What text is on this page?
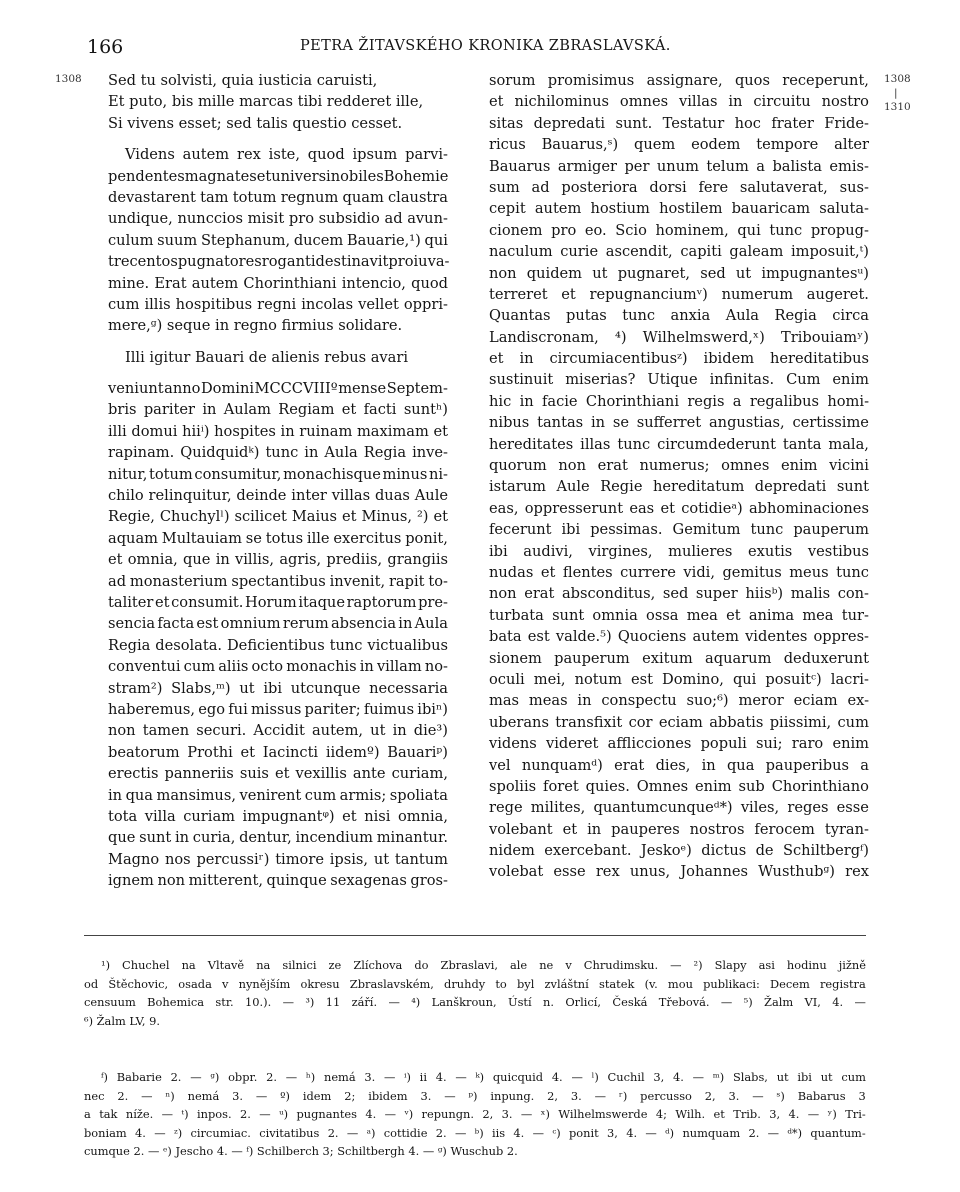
166	PETRA ŽITAVSKÉHO KRONIKA ZBRASLAVSKÁ.
1308	1308
|
1310
Sed tu solvisti, quia iusticia caruisti,
Et puto, bis mille marcas tibi redderet ille,
Si vivens esset; sed talis questio cesset.
Videns autem rex iste, quod ipsum parvi-
pendentes magnates et universi nobiles Bohemie
devastarent tam totum regnum quam claustra
undique, nunccios misit pro subsidio ad avun-
culum suum Stephanum, ducem Bauarie,¹) qui
trecentos pugnatores roganti destinavit pro iuva-
mine. Erat autem Chorinthiani intencio, quod
cum illis hospitibus regni incolas vellet oppri-
mere,ᵍ) seque in regno firmius solidare.
Illi igitur Bauari de alienis rebus avari
veniunt anno Domini MCCCVIIIº mense Septem-
bris pariter in Aulam Regiam et facti suntʰ)
illi domui hiiⁱ) hospites in ruinam maximam et
rapinam. Quidquidᵏ) tunc in Aula Regia inve-
nitur, totum consumitur, monachisque minus ni-
chilo relinquitur, deinde inter villas duas Aule
Regie, Chuchylˡ) scilicet Maius et Minus, ²) et
aquam Multauiam se totus ille exercitus ponit,
et omnia, que in villis, agris, prediis, grangiis
ad monasterium spectantibus invenit, rapit to-
taliter et consumit. Horum itaque raptorum pre-
sencia facta est omnium rerum absencia in Aula
Regia desolata. Deficientibus tunc victualibus
conventui cum aliis octo monachis in villam no-
stram²) Slabs,ᵐ) ut ibi utcunque necessaria
haberemus, ego fui missus pariter; fuimus ibiⁿ)
non tamen securi. Accidit autem, ut in die³)
beatorum Prothi et Iacincti iidemº) Bauariᵖ)
erectis panneriis suis et vexillis ante curiam,
in qua mansimus, venirent cum armis; spoliata
tota villa curiam impugnantᵠ) et nisi omnia,
que sunt in curia, dentur, incendium minantur.
Magno nos percussiʳ) timore ipsis, ut tantum
ignem non mitterent, quinque sexagenas gros-
sorum promisimus assignare, quos receperunt,
et nichilominus omnes villas in circuitu nostro
sitas depredati sunt. Testatur hoc frater Fride-
ricus Bauarus,ˢ) quem eodem tempore alter
Bauarus armiger per unum telum a balista emis-
sum ad posteriora dorsi fere salutaverat, sus-
cepit autem hostium hostilem bauaricam saluta-
cionem pro eo. Scio hominem, qui tunc propug-
naculum curie ascendit, capiti galeam imposuit,ᵗ)
non quidem ut pugnaret, sed ut impugnantesᵘ)
terreret et repugnanciumᵛ) numerum augeret.
Quantas putas tunc anxia Aula Regia circa
Landiscronam, ⁴) Wilhelmswerd,ˣ) Tribouiamʸ)
et in circumiacentibusᶻ) ibidem hereditatibus
sustinuit miserias? Utique infinitas. Cum enim
hic in facie Chorinthiani regis a regalibus homi-
nibus tantas in se sufferret angustias, certissime
hereditates illas tunc circumdederunt tanta mala,
quorum non erat numerus; omnes enim vicini
istarum Aule Regie hereditatum depredati sunt
eas, oppresserunt eas et cotidieᵃ) abhominaciones
fecerunt ibi pessimas. Gemitum tunc pauperum
ibi audivi, virgines, mulieres exutis vestibus
nudas et flentes currere vidi, gemitus meus tunc
non erat absconditus, sed super hiisᵇ) malis con-
turbata sunt omnia ossa mea et anima mea tur-
bata est valde.⁵) Quociens autem videntes oppres-
sionem pauperum exitum aquarum deduxerunt
oculi mei, notum est Domino, qui posuitᶜ) lacri-
mas meas in conspectu suo;⁶) meror eciam ex-
uberans transfixit cor eciam abbatis piissimi, cum
videns videret afflicciones populi sui; raro enim
vel nunquamᵈ) erat dies, in qua pauperibus a
spoliis foret quies. Omnes enim sub Chorinthiano
rege milites, quantumcunqueᵈ*) viles, reges esse
volebant et in pauperes nostros ferocem tyran-
nidem exercebant. Jeskoᵉ) dictus de Schiltbergᶠ)
volebat esse rex unus, Johannes Wusthubᵍ) rex
¹) Chuchel na Vltavě na silnici ze Zlíchova do Zbraslavi, ale ne v Chrudimsku. — ²) Slapy asi hodinu jižně
od Štěchovic, osada v nynějším okresu Zbraslavském, druhdy to byl zvláštní statek (v. mou publikaci: Decem registra
censuum Bohemica str. 10.). — ³) 11 září. — ⁴) Lanškroun, Ústí n. Orlicí, Česká Třebová. — ⁵) Žalm VI, 4. —
⁶) Žalm LV, 9.
ᶠ) Babarie 2. — ᵍ) obpr. 2. — ʰ) nemá 3. — ⁱ) ii 4. — ᵏ) quicquid 4. — ˡ) Cuchil 3, 4. — ᵐ) Slabs, ut ibi ut cum
nec 2. — ⁿ) nemá 3. — º) idem 2; ibidem 3. — ᵖ) inpung. 2, 3. — ʳ) percusso 2, 3. — ˢ) Babarus 3
a tak níže. — ᵗ) inpos. 2. — ᵘ) pugnantes 4. — ᵛ) repungn. 2, 3. — ˣ) Wilhelmswerde 4; Wilh. et Trib. 3, 4. — ʸ) Tri-
boniam 4. — ᶻ) circumiac. civitatibus 2. — ᵃ) cottidie 2. — ᵇ) iis 4. — ᶜ) ponit 3, 4. — ᵈ) numquam 2. — ᵈ*) quantum-
cumque 2. — ᵉ) Jescho 4. — ᶠ) Schilberch 3; Schiltbergh 4. — ᵍ) Wuschub 2.
